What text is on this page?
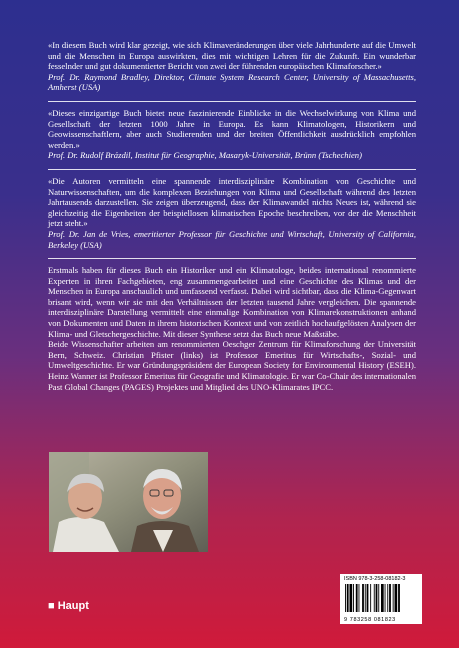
«In diesem Buch wird klar gezeigt, wie sich Klimaveränderungen über viele Jahrhunderte auf die Umwelt und die Menschen in Europa auswirkten, dies mit wichtigen Lehren für die Zukunft. Ein wunderbar fesselnder und gut dokumentierter Bericht von zwei der führenden europäischen Klimaforscher.»
Prof. Dr. Raymond Bradley, Direktor, Climate System Research Center, University of Massachusetts, Amherst (USA)
«Dieses einzigartige Buch bietet neue faszinierende Einblicke in die Wechselwirkung von Klima und Gesellschaft der letzten 1000 Jahre in Europa. Es kann Klimatologen, Historikern und Geowissenschaftlern, aber auch Studierenden und der breiten Öffentlichkeit ausdrücklich empfohlen werden.»
Prof. Dr. Rudolf Brázdil, Institut für Geographie, Masaryk-Universität, Brünn (Tschechien)
«Die Autoren vermitteln eine spannende interdisziplinäre Kombination von Geschichte und Naturwissenschaften, um die komplexen Beziehungen von Klima und Gesellschaft während des letzten Jahrtausends darzustellen. Sie zeigen überzeugend, dass der Klimawandel nichts Neues ist, während sie gleichzeitig die Eigenheiten der beispiellosen klimatischen Epoche beschreiben, vor der die Menschheit jetzt steht.»
Prof. Dr. Jan de Vries, emeritierter Professor für Geschichte und Wirtschaft, University of California, Berkeley (USA)

Erstmals haben für dieses Buch ein Historiker und ein Klimatologe, beides international renommierte Experten in ihren Fachgebieten, eng zusammengearbeitet und eine Geschichte des Klimas und der Menschen in Europa anschaulich und umfassend verfasst. Dabei wird sichtbar, dass die Klima-Gegenwart brisant wird, wenn wir sie mit den Verhältnissen der letzten tausend Jahre vergleichen. Die spannende interdisziplinäre Darstellung vermittelt eine einmalige Kombination von Klimarekonstruktionen anhand von Dokumenten und Daten in ihrem historischen Kontext und von zeitlich hochaufgelösten Analysen der Klima- und Gletschergeschichte. Mit dieser Synthese setzt das Buch neue Maßstäbe.

Beide Wissenschafter arbeiten am renommierten Oeschger Zentrum für Klimaforschung der Universität Bern, Schweiz. Christian Pfister (links) ist Professor Emeritus für Wirtschafts-, Sozial- und Umweltgeschichte. Er war Gründungspräsident der European Society for Environmental History (ESEH). Heinz Wanner ist Professor Emeritus für Geografie und Klimatologie. Er war Co-Chair des internationalen Past Global Changes (PAGES) Projektes und Mitglied des UNO-Klimarates IPCC.

■ Haupt
ISBN 978-3-258-08182-3
9 783258 081823
